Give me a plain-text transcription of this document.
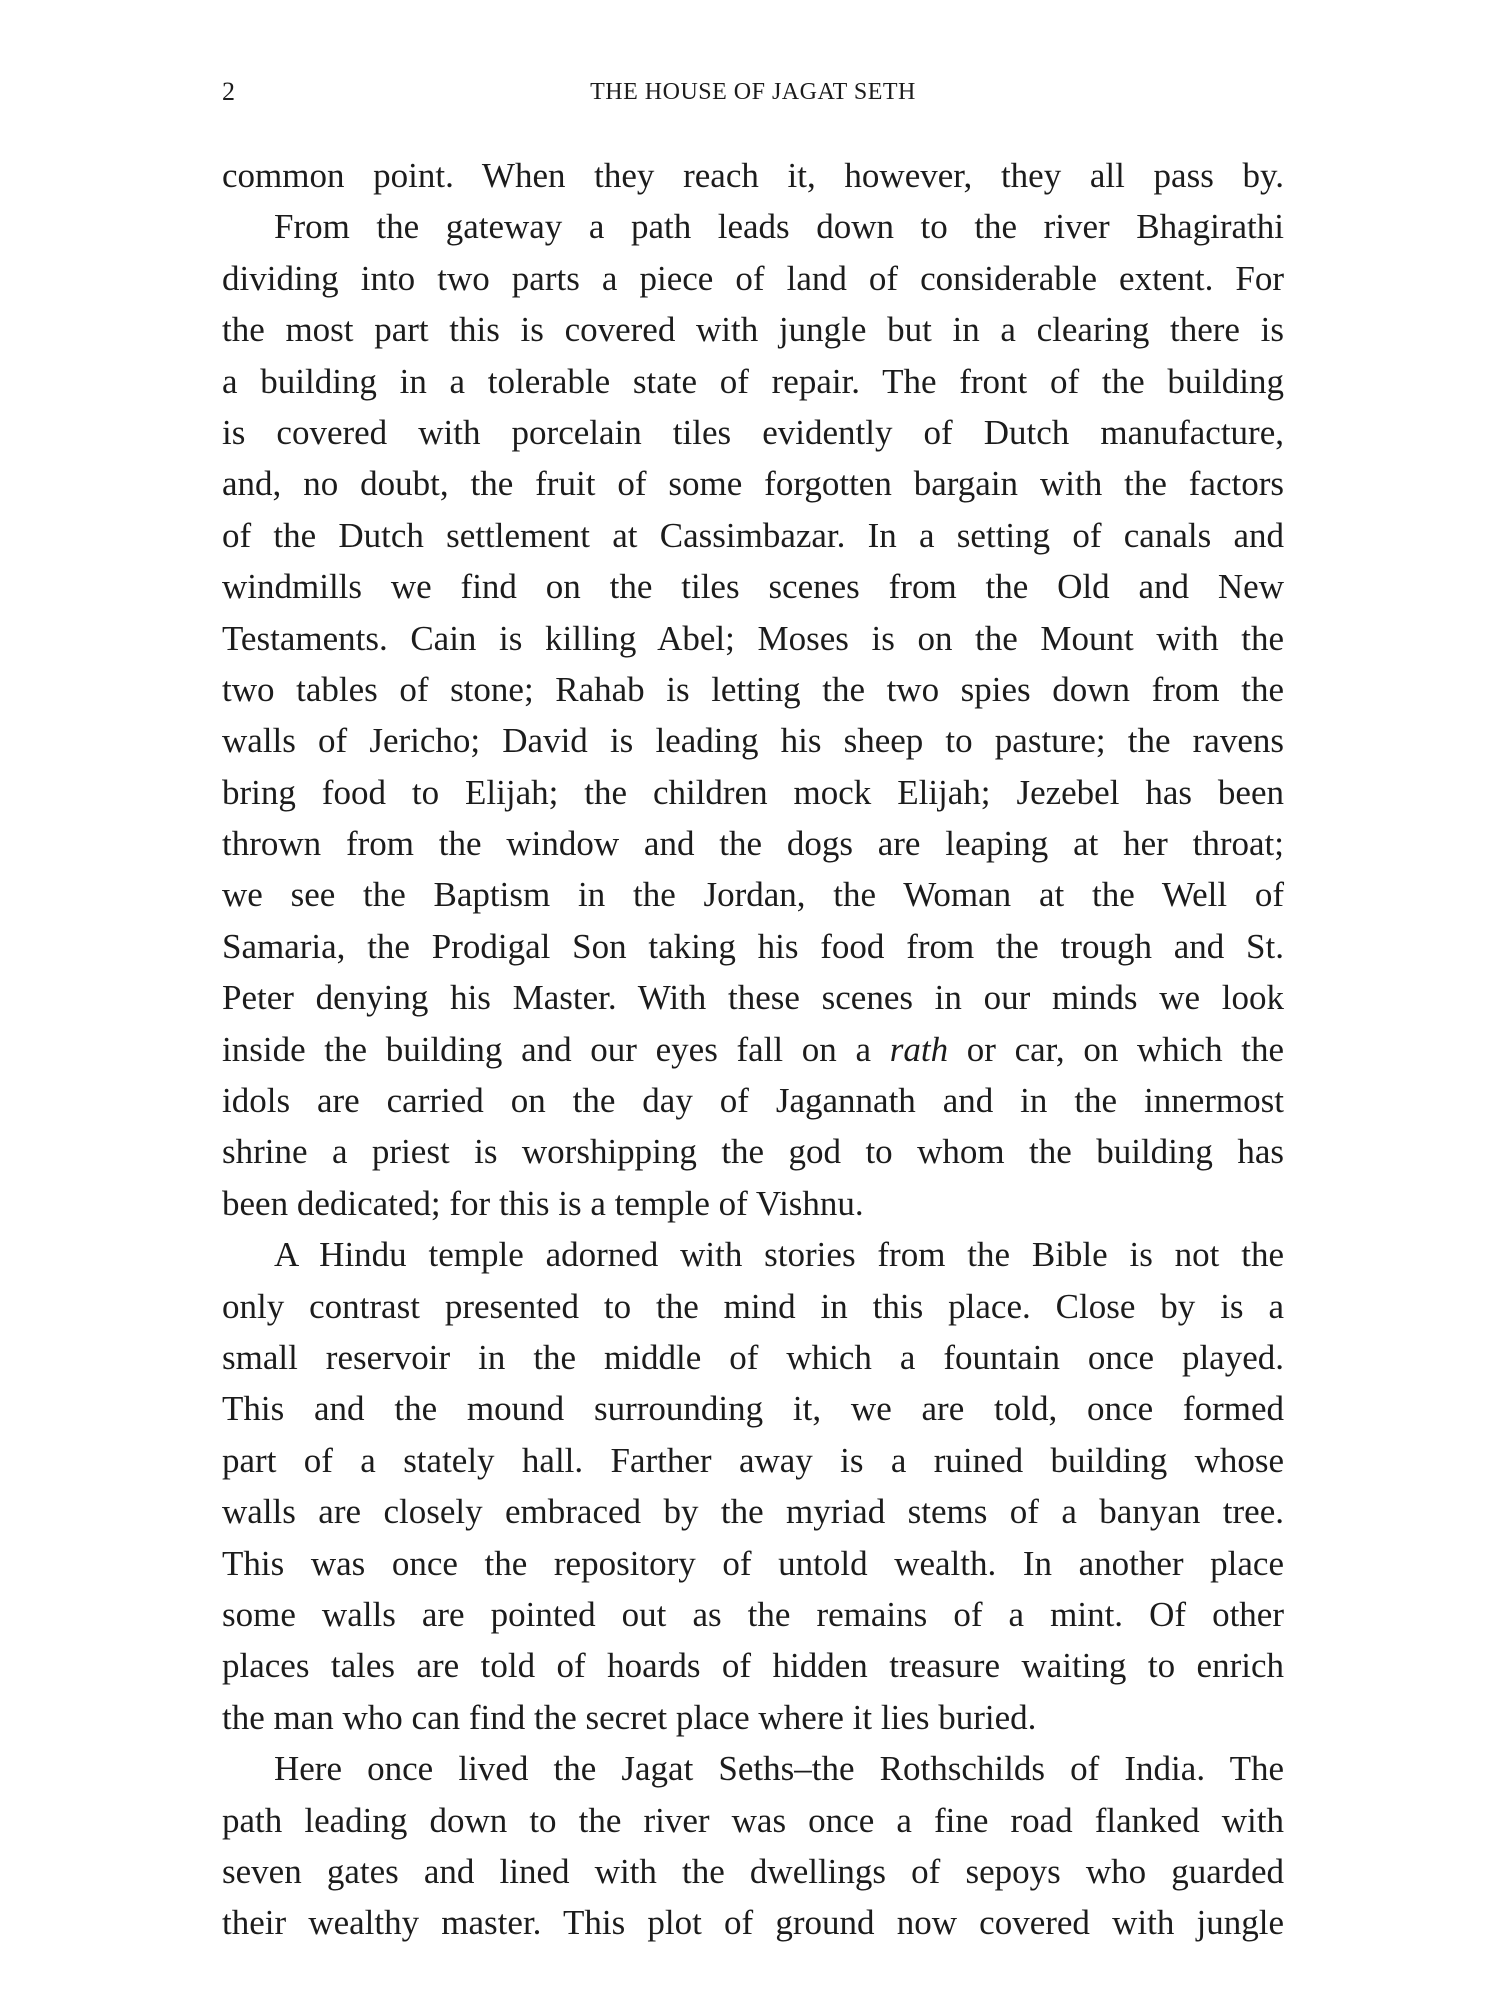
2	THE HOUSE OF JAGAT SETH
common point. When they reach it, however, they all pass by.
From the gateway a path leads down to the river Bhagirathi
dividing into two parts a piece of land of considerable extent. For
the most part this is covered with jungle but in a clearing there is
a building in a tolerable state of repair. The front of the building
is covered with porcelain tiles evidently of Dutch manufacture,
and, no doubt, the fruit of some forgotten bargain with the factors
of the Dutch settlement at Cassimbazar. In a setting of canals and
windmills we find on the tiles scenes from the Old and New
Testaments. Cain is killing Abel; Moses is on the Mount with the
two tables of stone; Rahab is letting the two spies down from the
walls of Jericho; David is leading his sheep to pasture; the ravens
bring food to Elijah; the children mock Elijah; Jezebel has been
thrown from the window and the dogs are leaping at her throat;
we see the Baptism in the Jordan, the Woman at the Well of
Samaria, the Prodigal Son taking his food from the trough and St.
Peter denying his Master. With these scenes in our minds we look
inside the building and our eyes fall on a rath or car, on which the
idols are carried on the day of Jagannath and in the innermost
shrine a priest is worshipping the god to whom the building has
been dedicated; for this is a temple of Vishnu.
A Hindu temple adorned with stories from the Bible is not the
only contrast presented to the mind in this place. Close by is a
small reservoir in the middle of which a fountain once played.
This and the mound surrounding it, we are told, once formed
part of a stately hall. Farther away is a ruined building whose
walls are closely embraced by the myriad stems of a banyan tree.
This was once the repository of untold wealth. In another place
some walls are pointed out as the remains of a mint. Of other
places tales are told of hoards of hidden treasure waiting to enrich
the man who can find the secret place where it lies buried.
Here once lived the Jagat Seths–the Rothschilds of India. The
path leading down to the river was once a fine road flanked with
seven gates and lined with the dwellings of sepoys who guarded
their wealthy master. This plot of ground now covered with jungle
